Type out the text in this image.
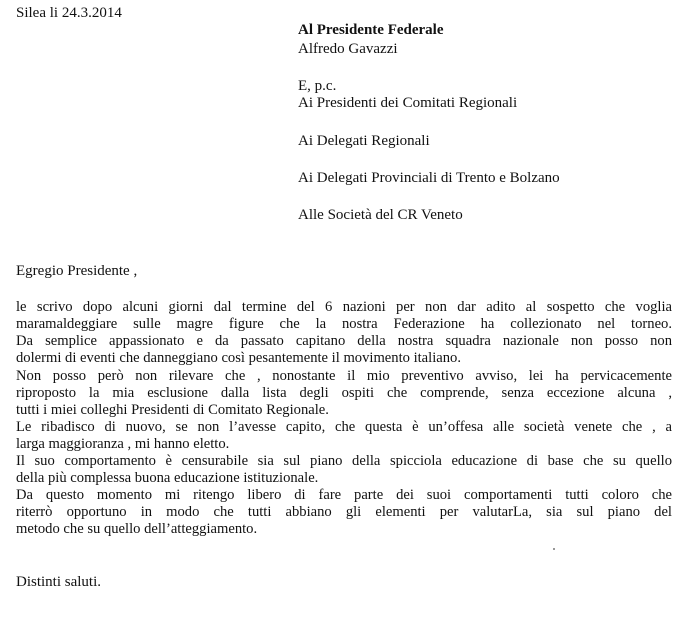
Silea li 24.3.2014
Al Presidente Federale
Alfredo Gavazzi
E, p.c.
Ai Presidenti dei Comitati Regionali
Ai Delegati Regionali
Ai Delegati Provinciali di Trento e Bolzano
Alle Società del CR Veneto
Egregio Presidente ,
le scrivo dopo alcuni giorni dal termine del 6 nazioni per non dar adito al sospetto che voglia
maramaldeggiare sulle magre figure che la nostra Federazione ha collezionato nel torneo.
Da semplice appassionato e da passato capitano della nostra squadra nazionale non posso non
dolermi di eventi che danneggiano così pesantemente il movimento italiano.
Non posso però non rilevare che , nonostante il mio preventivo avviso, lei ha pervicacemente
riproposto la mia esclusione dalla lista degli ospiti che comprende, senza eccezione alcuna ,
tutti i miei colleghi Presidenti di Comitato Regionale.
Le ribadisco di nuovo, se non l’avesse capito, che questa è un’offesa alle società venete che , a
larga maggioranza , mi hanno eletto.
Il suo comportamento è censurabile sia sul piano della spicciola educazione di base che su quello
della più complessa buona educazione istituzionale.
Da questo momento mi ritengo libero di fare parte dei suoi comportamenti tutti coloro che
riterrò opportuno in modo che tutti abbiano gli elementi per valutarLa, sia sul piano del
metodo che su quello dell’atteggiamento.
Distinti saluti.
